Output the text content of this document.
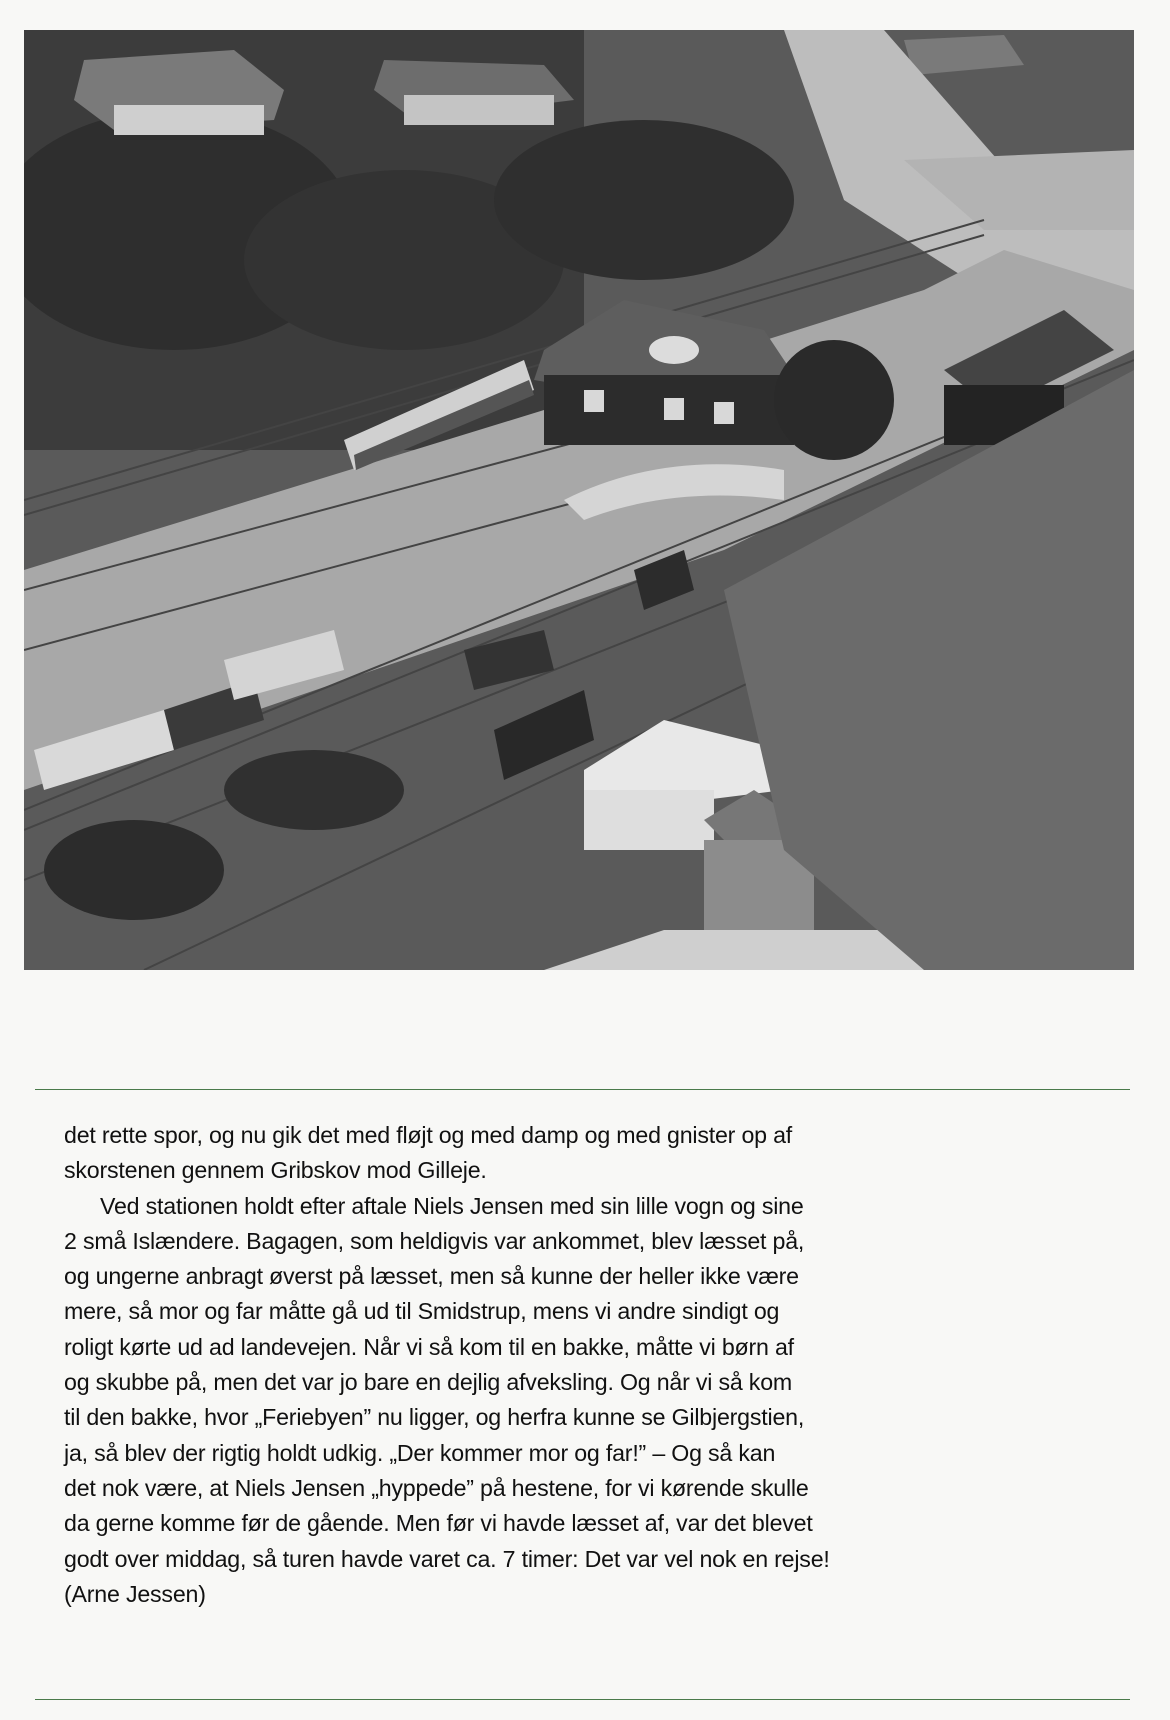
det rette spor, og nu gik det med fløjt og med damp og med gnister op af
skorstenen gennem Gribskov mod Gilleje.

Ved stationen holdt efter aftale Niels Jensen med sin lille vogn og sine
2 små Islændere. Bagagen, som heldigvis var ankommet, blev læsset på,
og ungerne anbragt øverst på læsset, men så kunne der heller ikke være
mere, så mor og far måtte gå ud til Smidstrup, mens vi andre sindigt og
roligt kørte ud ad landevejen. Når vi så kom til en bakke, måtte vi børn af
og skubbe på, men det var jo bare en dejlig afveksling. Og når vi så kom
til den bakke, hvor „Feriebyen” nu ligger, og herfra kunne se Gilbjergstien,
ja, så blev der rigtig holdt udkig. „Der kommer mor og far!” – Og så kan
det nok være, at Niels Jensen „hyppede” på hestene, for vi kørende skulle
da gerne komme før de gående. Men før vi havde læsset af, var det blevet
godt over middag, så turen havde varet ca. 7 timer: Det var vel nok en rejse!
(Arne Jessen)
